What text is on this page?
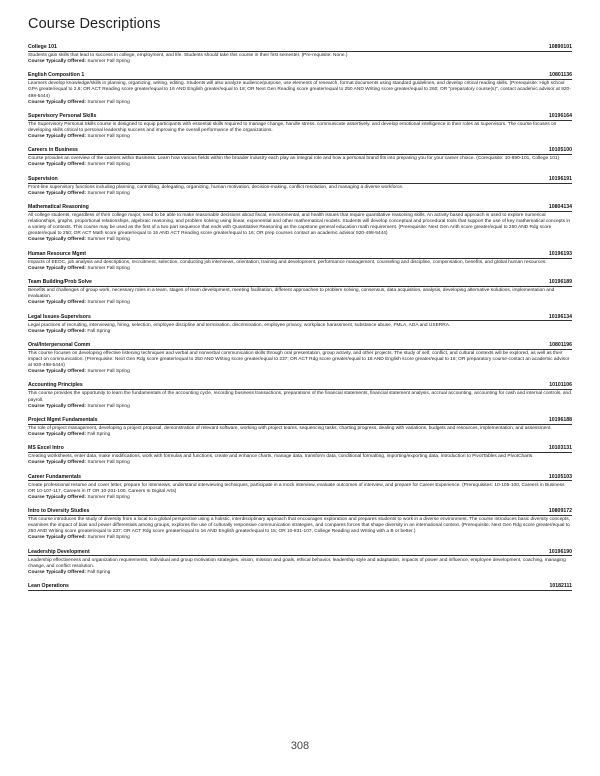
Course Descriptions
College 101	10890101
Students gain skills that lead to success in college, employment, and life. Students should take this course in their first semester. (Pre-requisite: None.)
Course Typically Offered: Summer Fall Spring
English Composition 1	10801136
Learners develop knowledge/skills in planning, organizing, writing, editing. Students will also analyze audience/purpose, use elements of research, format documents using standard guidelines, and develop critical reading skills. (Prerequisite: High school GPA greater/equal to 2.6; OR ACT Reading score greater/equal to 16 AND English greater/equal to 18; OR Next Gen Reading score greater/equal to 250 AND Writing score greater/equal to 260; OR "preparatory course(s)", contact academic advisor at 920-498-5444)
Course Typically Offered: Summer Fall Spring
Supervisory Personal Skills	10196164
The Supervisory Personal Skills course is designed to equip participants with essential skills required to manage change, handle stress, communicate assertively, and develop emotional intelligence in their roles as supervisors. The course focuses on developing skills critical to personal leadership success and improving the overall performance of the organizations.
Course Typically Offered: Summer Fall Spring
Careers in Business	10105100
Course provides an overview of the careers within Business. Learn how various fields within the broader industry each play an integral role and how a personal brand fits into preparing you for your career choice. (Corequisite: 10-890-101, College 101)
Course Typically Offered: Summer Fall Spring
Supervision	10196191
Front-line supervisory functions including planning, controlling, delegating, organizing, human motivation, decision-making, conflict resolution, and managing a diverse workforce.
Course Typically Offered: Summer Fall Spring
Mathematical Reasoning	10804134
All college students, regardless of their college major, need to be able to make reasonable decisions about fiscal, environmental, and health issues that require quantitative reasoning skills. An activity based approach is used to explore numerical relationships, graphs, proportional relationships, algebraic reasoning, and problem solving using linear, exponential and other mathematical models. Students will develop conceptual and procedural tools that support the use of key mathematical concepts in a variety of contexts. This course may be used as the first of a two part sequence that ends with Quantitative Reasoning as the capstone general education math requirement. (Prerequisite: Next Gen Arith score greater/equal to 250 AND Rdg score greater/equal to 250; OR ACT Math score greater/equal to 15 AND ACT Reading score greater/equal to 16; OR prep courses contact an academic advisor 920-498-5444)
Course Typically Offered: Summer Fall Spring
Human Resource Mgmt	10196193
Impacts of EEOC, job analysis and descriptions, recruitment, selection, conducting job interviews, orientation, training and development, performance management, counseling and discipline, compensation, benefits, and global human resources.
Course Typically Offered: Summer Fall Spring
Team Building/Prob Solve	10196189
Benefits and challenges of group work, necessary roles in a team, stages of team development, meeting facilitation, different approaches to problem solving, consensus, data acquisition, analysis, developing alternative solutions, implementation and evaluation.
Course Typically Offered: Summer Fall Spring
Legal Issues-Supervisors	10196134
Legal practices of recruiting, interviewing, hiring, selection, employee discipline and termination, discrimination, employee privacy, workplace harassment, substance abuse, FMLA, ADA and USERRA.
Course Typically Offered: Fall Spring
Oral/Interpersonal Comm	10801196
This course focuses on developing effective listening techniques and verbal and nonverbal communication skills through oral presentation, group activity, and other projects. The study of self, conflict, and cultural contexts will be explored, as well as their impact on communication. (Prerequisite: Next Gen Rdg score greater/equal to 250 AND Writing score greater/equal to 237; OR ACT Rdg score greater/equal to 16 AND English score greater/equal to 16; OR preparatory course-contact an academic advisor at 920-498-5444)
Course Typically Offered: Summer Fall Spring
Accounting Principles	10101106
This course provides the opportunity to learn the fundamentals of the accounting cycle, recording business transactions, preparations of the financial statements, financial statement analysis, accrual accounting, accounting for cash and internal controls, and payroll.
Course Typically Offered: Summer Fall Spring
Project Mgmt Fundamentals	10196188
The role of project management, developing a project proposal, demonstration of relevant software, working with project teams, sequencing tasks, charting progress, dealing with variations, budgets and resources, implementation, and assessment.
Course Typically Offered: Fall Spring
MS Excel Intro	10103131
Creating worksheets, enter data, make modifications, work with formulas and functions, create and enhance charts, manage data, transform data, conditional formatting, importing/exporting data, introduction to PivotTables and PivotCharts.
Course Typically Offered: Summer Fall Spring
Career Fundamentals	10105103
Create professional resume and cover letter, prepare for interviews, understand interviewing techniques, participate in a mock interview, evaluate outcomes of interview, and prepare for Career Experience. (Prerequisites: 10-105-100, Careers in Business OR 10-107-117, Careers in IT OR 10-201-100, Careers In Digital Arts)
Course Typically Offered: Summer Fall Spring
Intro to Diversity Studies	10809172
This course introduces the study of diversity from a local to a global perspective using a holistic, interdisciplinary approach that encourages exploration and prepares students to work in a diverse environment. The course introduces basic diversity concepts, examines the impact of bias and power differentials among groups, explores the use of culturally responsive communication strategies, and compares forces that shape diversity in an international context. (Prerequisite: Next Gen Rdg score greater/equal to 250 AND Writing score greater/equal to 237; OR ACT Rdg score greater/equal to 16 AND English greater/equal to 15; OR 10-831-107, College Reading and Writing with a B or better.)
Course Typically Offered: Summer Fall Spring
Leadership Development	10196190
Leadership effectiveness and organization requirements, individual and group motivation strategies, vision, mission and goals, ethical behavior, leadership style and adaptation, impacts of power and influence, employee development, coaching, managing change, and conflict resolution.
Course Typically Offered: Fall Spring
Lean Operations	10182111
308
